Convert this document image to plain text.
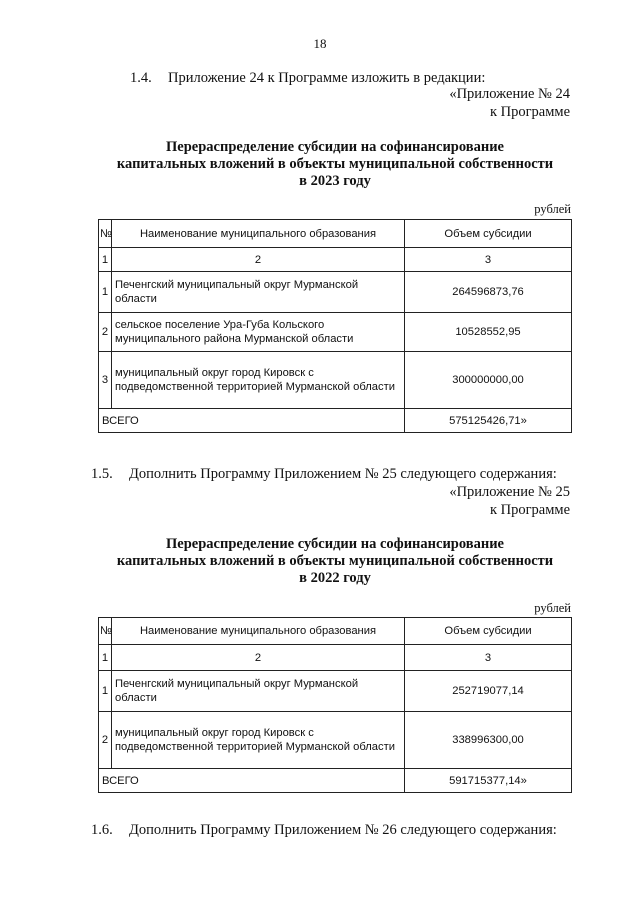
18
1.4. Приложение 24 к Программе изложить в редакции:
«Приложение № 24
к Программе
Перераспределение субсидии на софинансирование
капитальных вложений в объекты муниципальной собственности
в 2023 году
рублей
№	Наименование муниципального образования	Объем субсидии
1	2	3
1	Печенгский муниципальный округ Мурманской области	264596873,76
2	сельское поселение Ура-Губа Кольского муниципального района Мурманской области	10528552,95
3	муниципальный округ город Кировск с подведомственной территорией Мурманской области	300000000,00
ВСЕГО		575125426,71»
1.5. Дополнить Программу Приложением № 25 следующего содержания:
«Приложение № 25
к Программе
Перераспределение субсидии на софинансирование
капитальных вложений в объекты муниципальной собственности
в 2022 году
рублей
№	Наименование муниципального образования	Объем субсидии
1	2	3
1	Печенгский муниципальный округ Мурманской области	252719077,14
2	муниципальный округ город Кировск с подведомственной территорией Мурманской области	338996300,00
ВСЕГО		591715377,14»
1.6. Дополнить Программу Приложением № 26 следующего содержания:
